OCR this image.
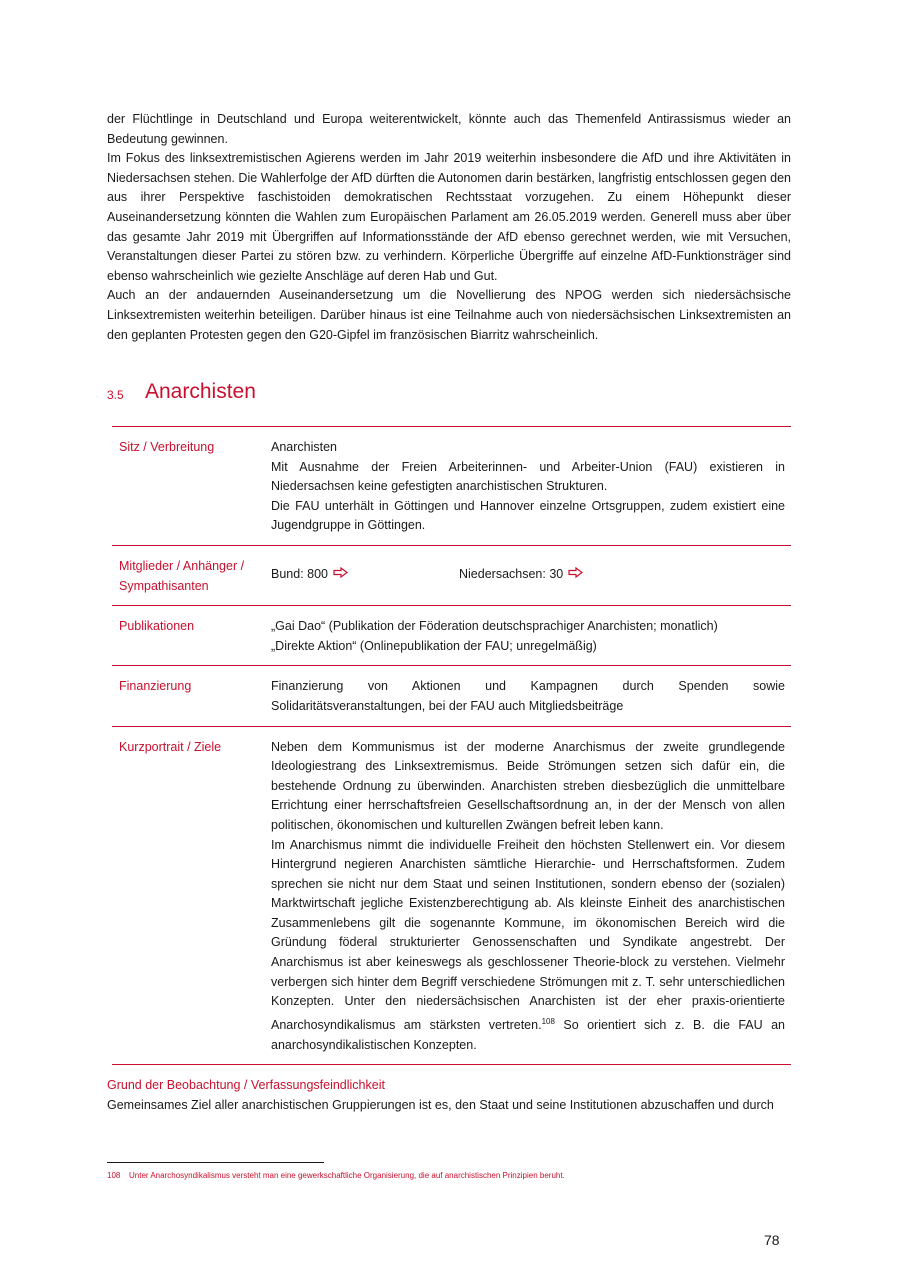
der Flüchtlinge in Deutschland und Europa weiterentwickelt, könnte auch das Themenfeld Antirassismus wieder an Bedeutung gewinnen.

Im Fokus des linksextremistischen Agierens werden im Jahr 2019 weiterhin insbesondere die AfD und ihre Aktivitäten in Niedersachsen stehen. Die Wahlerfolge der AfD dürften die Autonomen darin bestärken, langfristig entschlossen gegen den aus ihrer Perspektive faschistoiden demokratischen Rechtsstaat vorzugehen. Zu einem Höhepunkt dieser Auseinandersetzung könnten die Wahlen zum Europäischen Parlament am 26.05.2019 werden. Generell muss aber über das gesamte Jahr 2019 mit Übergriffen auf Informationsstände der AfD ebenso gerechnet werden, wie mit Versuchen, Veranstaltungen dieser Partei zu stören bzw. zu verhindern. Körperliche Übergriffe auf einzelne AfD-Funktionsträger sind ebenso wahrscheinlich wie gezielte Anschläge auf deren Hab und Gut.

Auch an der andauernden Auseinandersetzung um die Novellierung des NPOG werden sich niedersächsische Linksextremisten weiterhin beteiligen. Darüber hinaus ist eine Teilnahme auch von niedersächsischen Linksextremisten an den geplanten Protesten gegen den G20-Gipfel im französischen Biarritz wahrscheinlich.

3.5 Anarchisten
Sitz / Verbreitung	Anarchisten
Mit Ausnahme der Freien Arbeiterinnen- und Arbeiter-Union (FAU) existieren in Niedersachsen keine gefestigten anarchistischen Strukturen.
Die FAU unterhält in Göttingen und Hannover einzelne Ortsgruppen, zudem existiert eine Jugendgruppe in Göttingen.

Mitglieder / Anhänger / Sympathisanten	Bund: 800 Niedersachsen: 30

Publikationen	„Gai Dao“ (Publikation der Föderation deutschsprachiger Anarchisten; monatlich)
„Direkte Aktion“ (Onlinepublikation der FAU; unregelmäßig)

Finanzierung	Finanzierung von Aktionen und Kampagnen durch Spenden sowie Solidaritätsveranstaltungen, bei der FAU auch Mitgliedsbeiträge
Kurzportrait / Ziele	Neben dem Kommunismus ist der moderne Anarchismus der zweite grundlegende Ideologiestrang des Linksextremismus. Beide Strömungen setzen sich dafür ein, die bestehende Ordnung zu überwinden. Anarchisten streben diesbezüglich die unmittelbare Errichtung einer herrschaftsfreien Gesellschaftsordnung an, in der der Mensch von allen politischen, ökonomischen und kulturellen Zwängen befreit leben kann.
Im Anarchismus nimmt die individuelle Freiheit den höchsten Stellenwert ein. Vor diesem Hintergrund negieren Anarchisten sämtliche Hierarchie- und Herrschaftsformen. Zudem sprechen sie nicht nur dem Staat und seinen Institutionen, sondern ebenso der (sozialen) Marktwirtschaft jegliche Existenzberechtigung ab. Als kleinste Einheit des anarchistischen Zusammenlebens gilt die sogenannte Kommune, im ökonomischen Bereich wird die Gründung föderal strukturierter Genossenschaften und Syndikate angestrebt. Der Anarchismus ist aber keineswegs als geschlossener Theorie-block zu verstehen. Vielmehr verbergen sich hinter dem Begriff verschiedene Strömungen mit z. T. sehr unterschiedlichen Konzepten. Unter den niedersächsischen Anarchisten ist der eher praxis-orientierte Anarchosyndikalismus am stärksten vertreten.$^{108}$ So orientiert sich z. B. die FAU an anarchosyndikalistischen Konzepten.
Grund der Beobachtung / Verfassungsfeindlichkeit
Gemeinsames Ziel aller anarchistischen Gruppierungen ist es, den Staat und seine Institutionen abzuschaffen und durch
108 Unter Anarchosyndikalismus versteht man eine gewerkschaftliche Organisierung, die auf anarchistischen Prinzipien beruht.
78
